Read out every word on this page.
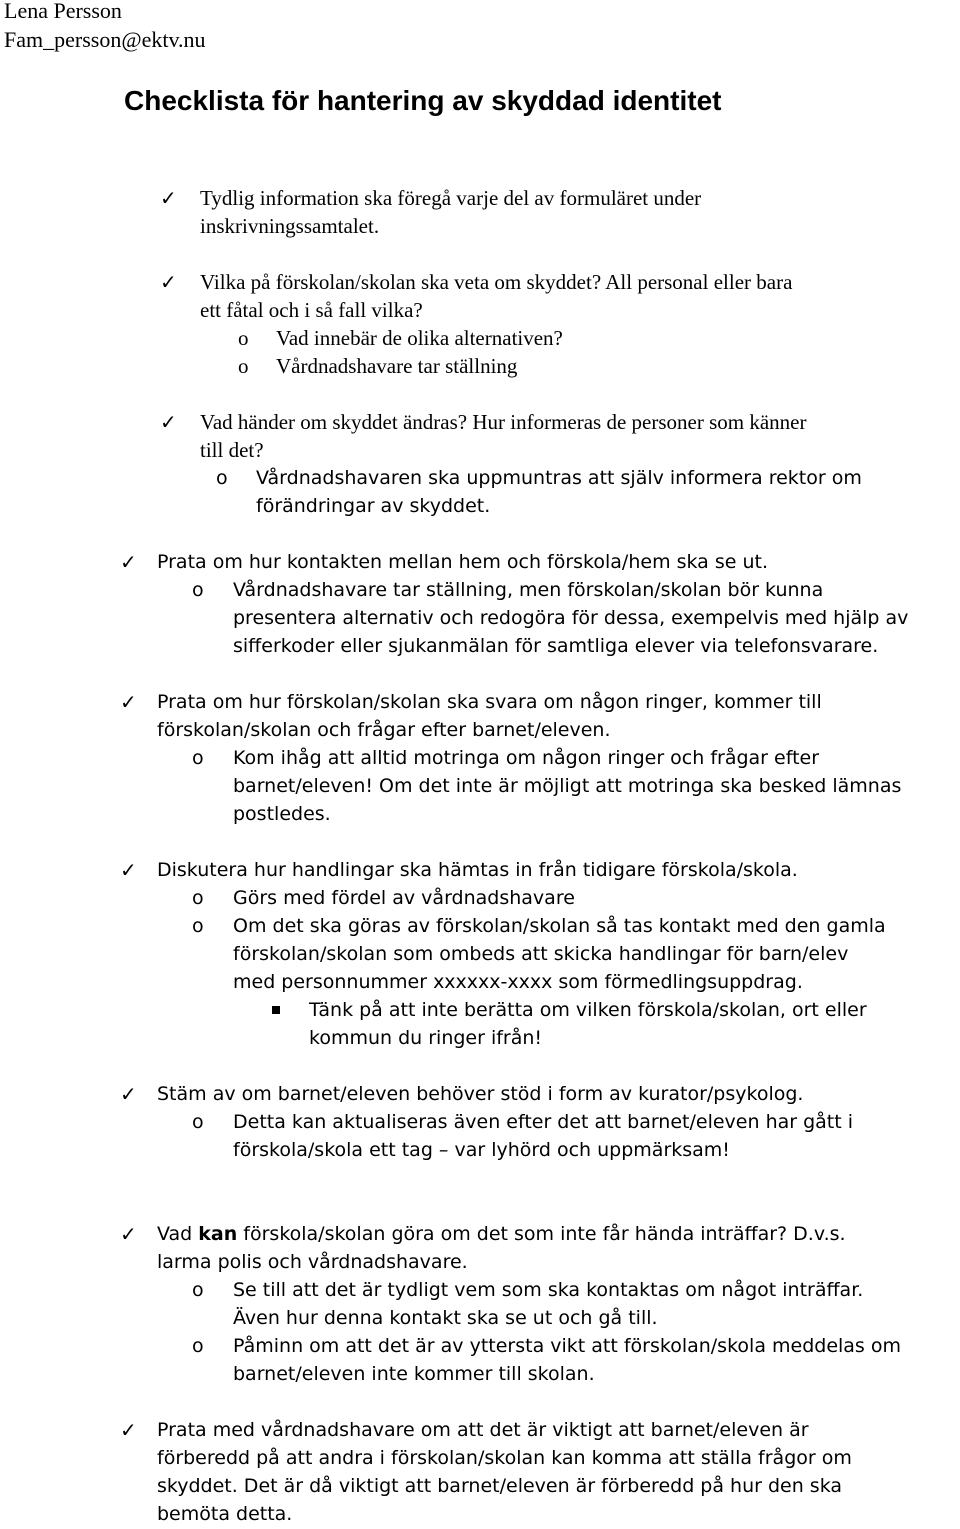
Lena Persson
Fam_persson@ektv.nu
Checklista för hantering av skyddad identitet
✓ Tydlig information ska föregå varje del av formuläret under
inskrivningssamtalet.
✓ Vilka på förskolan/skolan ska veta om skyddet? All personal eller bara
ett fåtal och i så fall vilka?
o Vad innebär de olika alternativen?
o Vårdnadshavare tar ställning
✓ Vad händer om skyddet ändras? Hur informeras de personer som känner
till det?
o Vårdnadshavaren ska uppmuntras att själv informera rektor om
förändringar av skyddet.
✓ Prata om hur kontakten mellan hem och förskola/hem ska se ut.
o Vårdnadshavare tar ställning, men förskolan/skolan bör kunna
presentera alternativ och redogöra för dessa, exempelvis med hjälp av
sifferkoder eller sjukanmälan för samtliga elever via telefonsvarare.
✓ Prata om hur förskolan/skolan ska svara om någon ringer, kommer till
förskolan/skolan och frågar efter barnet/eleven.
o Kom ihåg att alltid motringa om någon ringer och frågar efter
barnet/eleven! Om det inte är möjligt att motringa ska besked lämnas
postledes.
✓ Diskutera hur handlingar ska hämtas in från tidigare förskola/skola.
o Görs med fördel av vårdnadshavare
o Om det ska göras av förskolan/skolan så tas kontakt med den gamla
förskolan/skolan som ombeds att skicka handlingar för barn/elev
med personnummer xxxxxx-xxxx som förmedlingsuppdrag.
Tänk på att inte berätta om vilken förskola/skolan, ort eller
kommun du ringer ifrån!
✓ Stäm av om barnet/eleven behöver stöd i form av kurator/psykolog.
o Detta kan aktualiseras även efter det att barnet/eleven har gått i
förskola/skola ett tag – var lyhörd och uppmärksam!
✓ Vad kan förskola/skolan göra om det som inte får hända inträffar? D.v.s.
larma polis och vårdnadshavare.
o Se till att det är tydligt vem som ska kontaktas om något inträffar.
Även hur denna kontakt ska se ut och gå till.
o Påminn om att det är av yttersta vikt att förskolan/skola meddelas om
barnet/eleven inte kommer till skolan.
✓ Prata med vårdnadshavare om att det är viktigt att barnet/eleven är
förberedd på att andra i förskolan/skolan kan komma att ställa frågor om
skyddet. Det är då viktigt att barnet/eleven är förberedd på hur den ska
bemöta detta.
